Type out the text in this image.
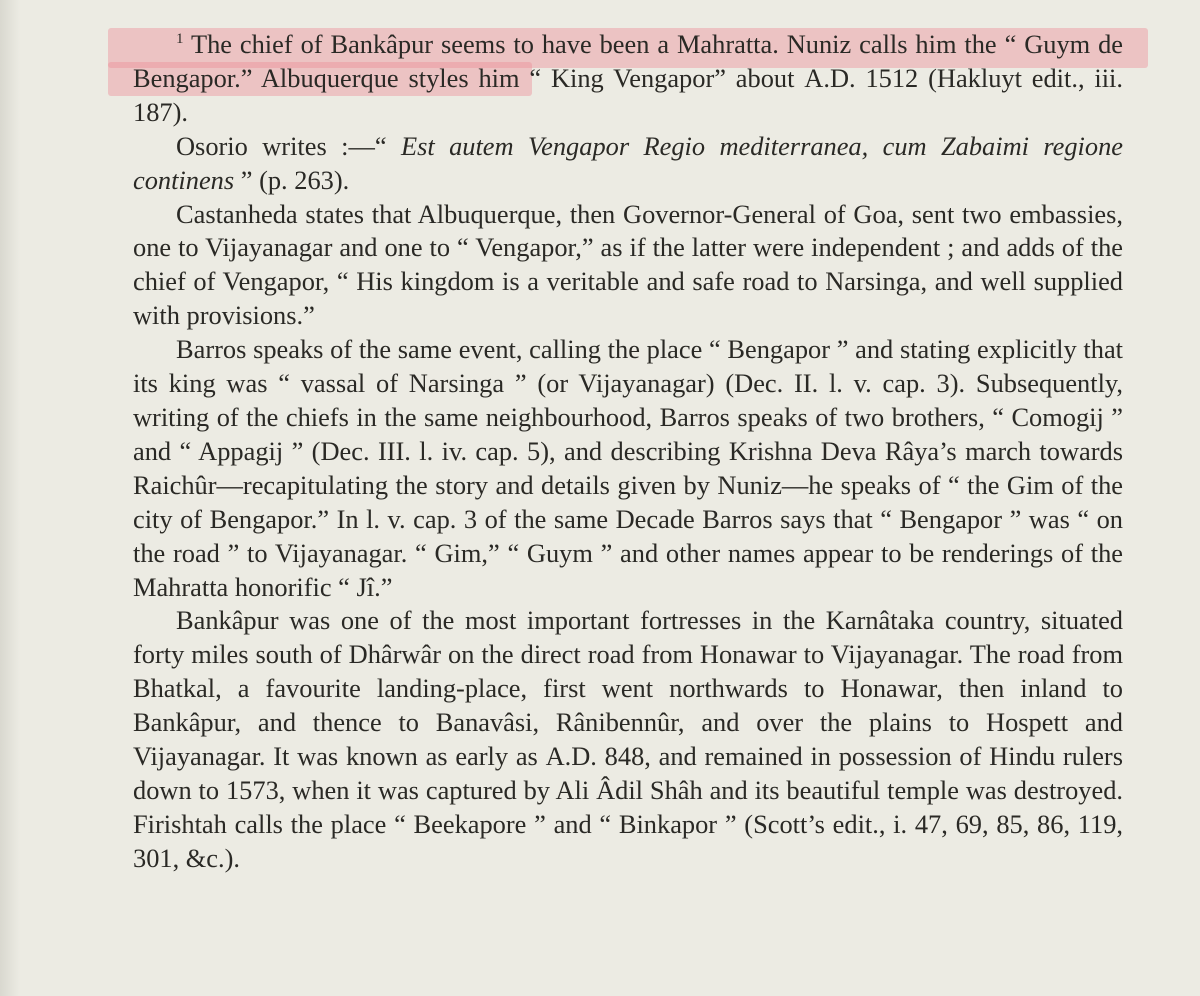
$^1$ The chief of Bankâpur seems to have been a Mahratta. Nuniz calls him the “ Guym de Bengapor.” Albuquerque styles him “ King Vengapor” about A.D. 1512 (Hakluyt edit., iii. 187).

Osorio writes :—“ Est autem Vengapor Regio mediterranea, cum Zabaimi regione continens ” (p. 263).

Castanheda states that Albuquerque, then Governor-General of Goa, sent two embassies, one to Vijayanagar and one to “ Vengapor,” as if the latter were independent ; and adds of the chief of Vengapor, “ His kingdom is a veritable and safe road to Narsinga, and well supplied with provisions.”

Barros speaks of the same event, calling the place “ Bengapor ” and stating explicitly that its king was “ vassal of Narsinga ” (or Vijayanagar) (Dec. II. l. v. cap. 3). Subsequently, writing of the chiefs in the same neighbourhood, Barros speaks of two brothers, “ Comogij ” and “ Appagij ” (Dec. III. l. iv. cap. 5), and describing Krishna Deva Râya’s march towards Raichûr—recapitulating the story and details given by Nuniz—he speaks of “ the Gim of the city of Bengapor.” In l. v. cap. 3 of the same Decade Barros says that “ Bengapor ” was “ on the road ” to Vijayanagar. “ Gim,” “ Guym ” and other names appear to be renderings of the Mahratta honorific “ Jî.”

Bankâpur was one of the most important fortresses in the Karnâtaka country, situated forty miles south of Dhârwâr on the direct road from Honawar to Vijayanagar. The road from Bhatkal, a favourite landing-place, first went northwards to Honawar, then inland to Bankâpur, and thence to Banavâsi, Rânibennûr, and over the plains to Hospett and Vijayanagar. It was known as early as A.D. 848, and remained in possession of Hindu rulers down to 1573, when it was captured by Ali Âdil Shâh and its beautiful temple was destroyed. Firishtah calls the place “ Beekapore ” and “ Binkapor ” (Scott’s edit., i. 47, 69, 85, 86, 119, 301, &c.).
